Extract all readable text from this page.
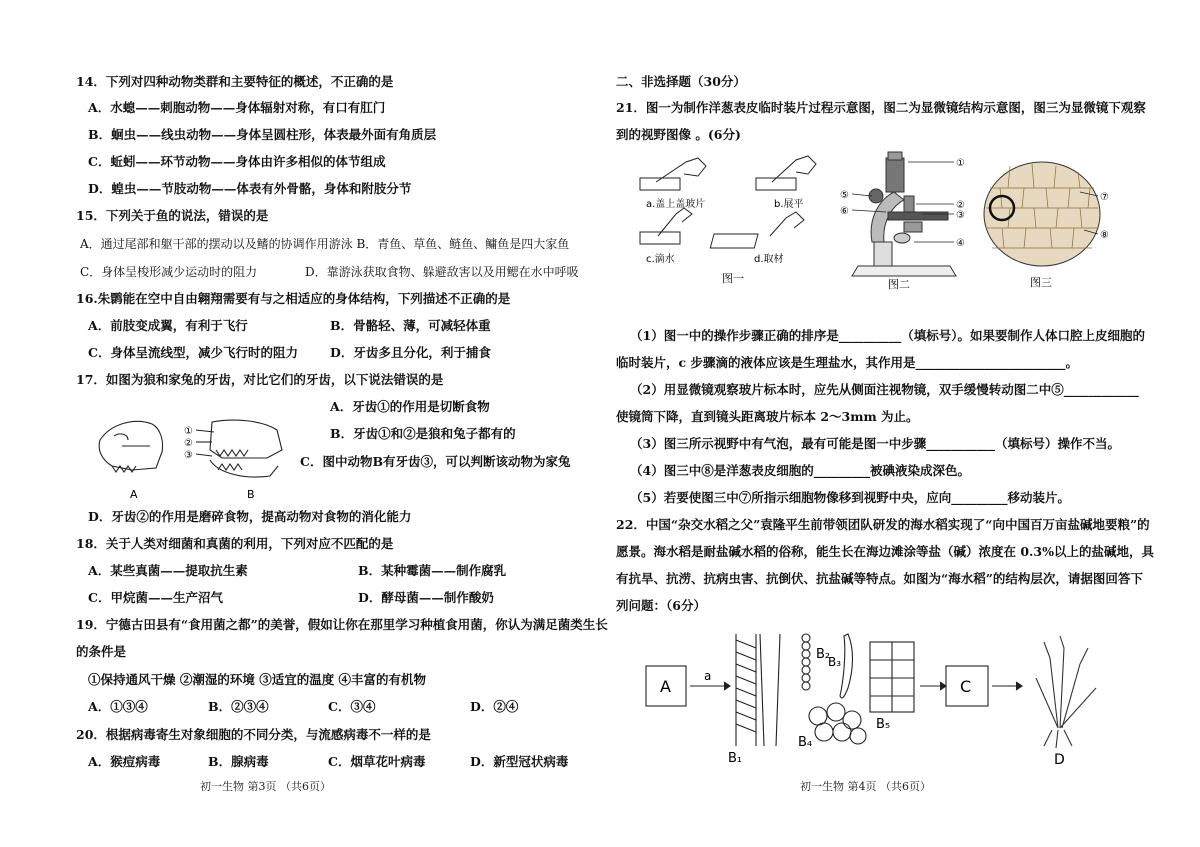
14．下列对四种动物类群和主要特征的概述，不正确的是
A．水螅——刺胞动物——身体辐射对称，有口有肛门
B．蛔虫——线虫动物——身体呈圆柱形，体表最外面有角质层
C．蚯蚓——环节动物——身体由许多相似的体节组成
D．蝗虫——节肢动物——体表有外骨骼，身体和附肢分节
15．下列关于鱼的说法，错误的是
A．通过尾部和躯干部的摆动以及鳍的协调作用游泳 B．青鱼、草鱼、鲢鱼、鳙鱼是四大家鱼
C．身体呈梭形减少运动时的阻力	D．靠游泳获取食物、躲避敌害以及用鳃在水中呼吸
16.朱鹮能在空中自由翱翔需要有与之相适应的身体结构，下列描述不正确的是
A．前肢变成翼，有利于飞行	B．骨骼轻、薄，可减轻体重
C．身体呈流线型，减少飞行时的阻力	D．牙齿多且分化，利于捕食
17．如图为狼和家兔的牙齿，对比它们的牙齿，以下说法错误的是
①
②
③
A	B
A．牙齿①的作用是切断食物
B．牙齿①和②是狼和兔子都有的
C．图中动物B有牙齿③，可以判断该动物为家兔
D．牙齿②的作用是磨碎食物，提高动物对食物的消化能力
18．关于人类对细菌和真菌的利用，下列对应不匹配的是
A．某些真菌——提取抗生素	B．某种霉菌——制作腐乳
C．甲烷菌——生产沼气	D．酵母菌——制作酸奶
19．宁德古田县有“食用菌之都”的美誉，假如让你在那里学习种植食用菌，你认为满足菌类生长
的条件是
①保持通风干燥 ②潮湿的环境 ③适宜的温度 ④丰富的有机物
A．①③④	B．②③④	C．③④	D．②④
20．根据病毒寄生对象细胞的不同分类，与流感病毒不一样的是
A．猴痘病毒	B．腺病毒	C．烟草花叶病毒	D．新型冠状病毒
初一生物 第3页 （共6页）
二、非选择题（30分）
21．图一为制作洋葱表皮临时装片过程示意图，图二为显微镜结构示意图，图三为显微镜下观察
到的视野图像 。(6分)
a.盖上盖玻片	b.展平
c.滴水	d.取材
图一
①
②
③
④
⑤
⑥
图二
⑦
⑧
图三
（1）图一中的操作步骤正确的排序是__________（填标号）。如果要制作人体口腔上皮细胞的
临时装片，c 步骤滴的液体应该是生理盐水，其作用是________________________。
（2）用显微镜观察玻片标本时，应先从侧面注视物镜，双手缓慢转动图二中⑤____________
使镜筒下降，直到镜头距离玻片标本 2～3mm 为止。
（3）图三所示视野中有气泡，最有可能是图一中步骤___________（填标号）操作不当。
（4）图三中⑧是洋葱表皮细胞的_________被碘液染成深色。
（5）若要使图三中⑦所指示细胞物像移到视野中央，应向_________移动装片。
22．中国“杂交水稻之父”袁隆平生前带领团队研发的海水稻实现了“向中国百万亩盐碱地要粮”的
愿景。海水稻是耐盐碱水稻的俗称，能生长在海边滩涂等盐（碱）浓度在 0.3%以上的盐碱地，具
有抗旱、抗涝、抗病虫害、抗倒伏、抗盐碱等特点。如图为“海水稻”的结构层次，请据图回答下
列问题：（6分）
A
a
B₁
B₂
B₃
B₄
B₅
C
D
初一生物 第4页 （共6页）
